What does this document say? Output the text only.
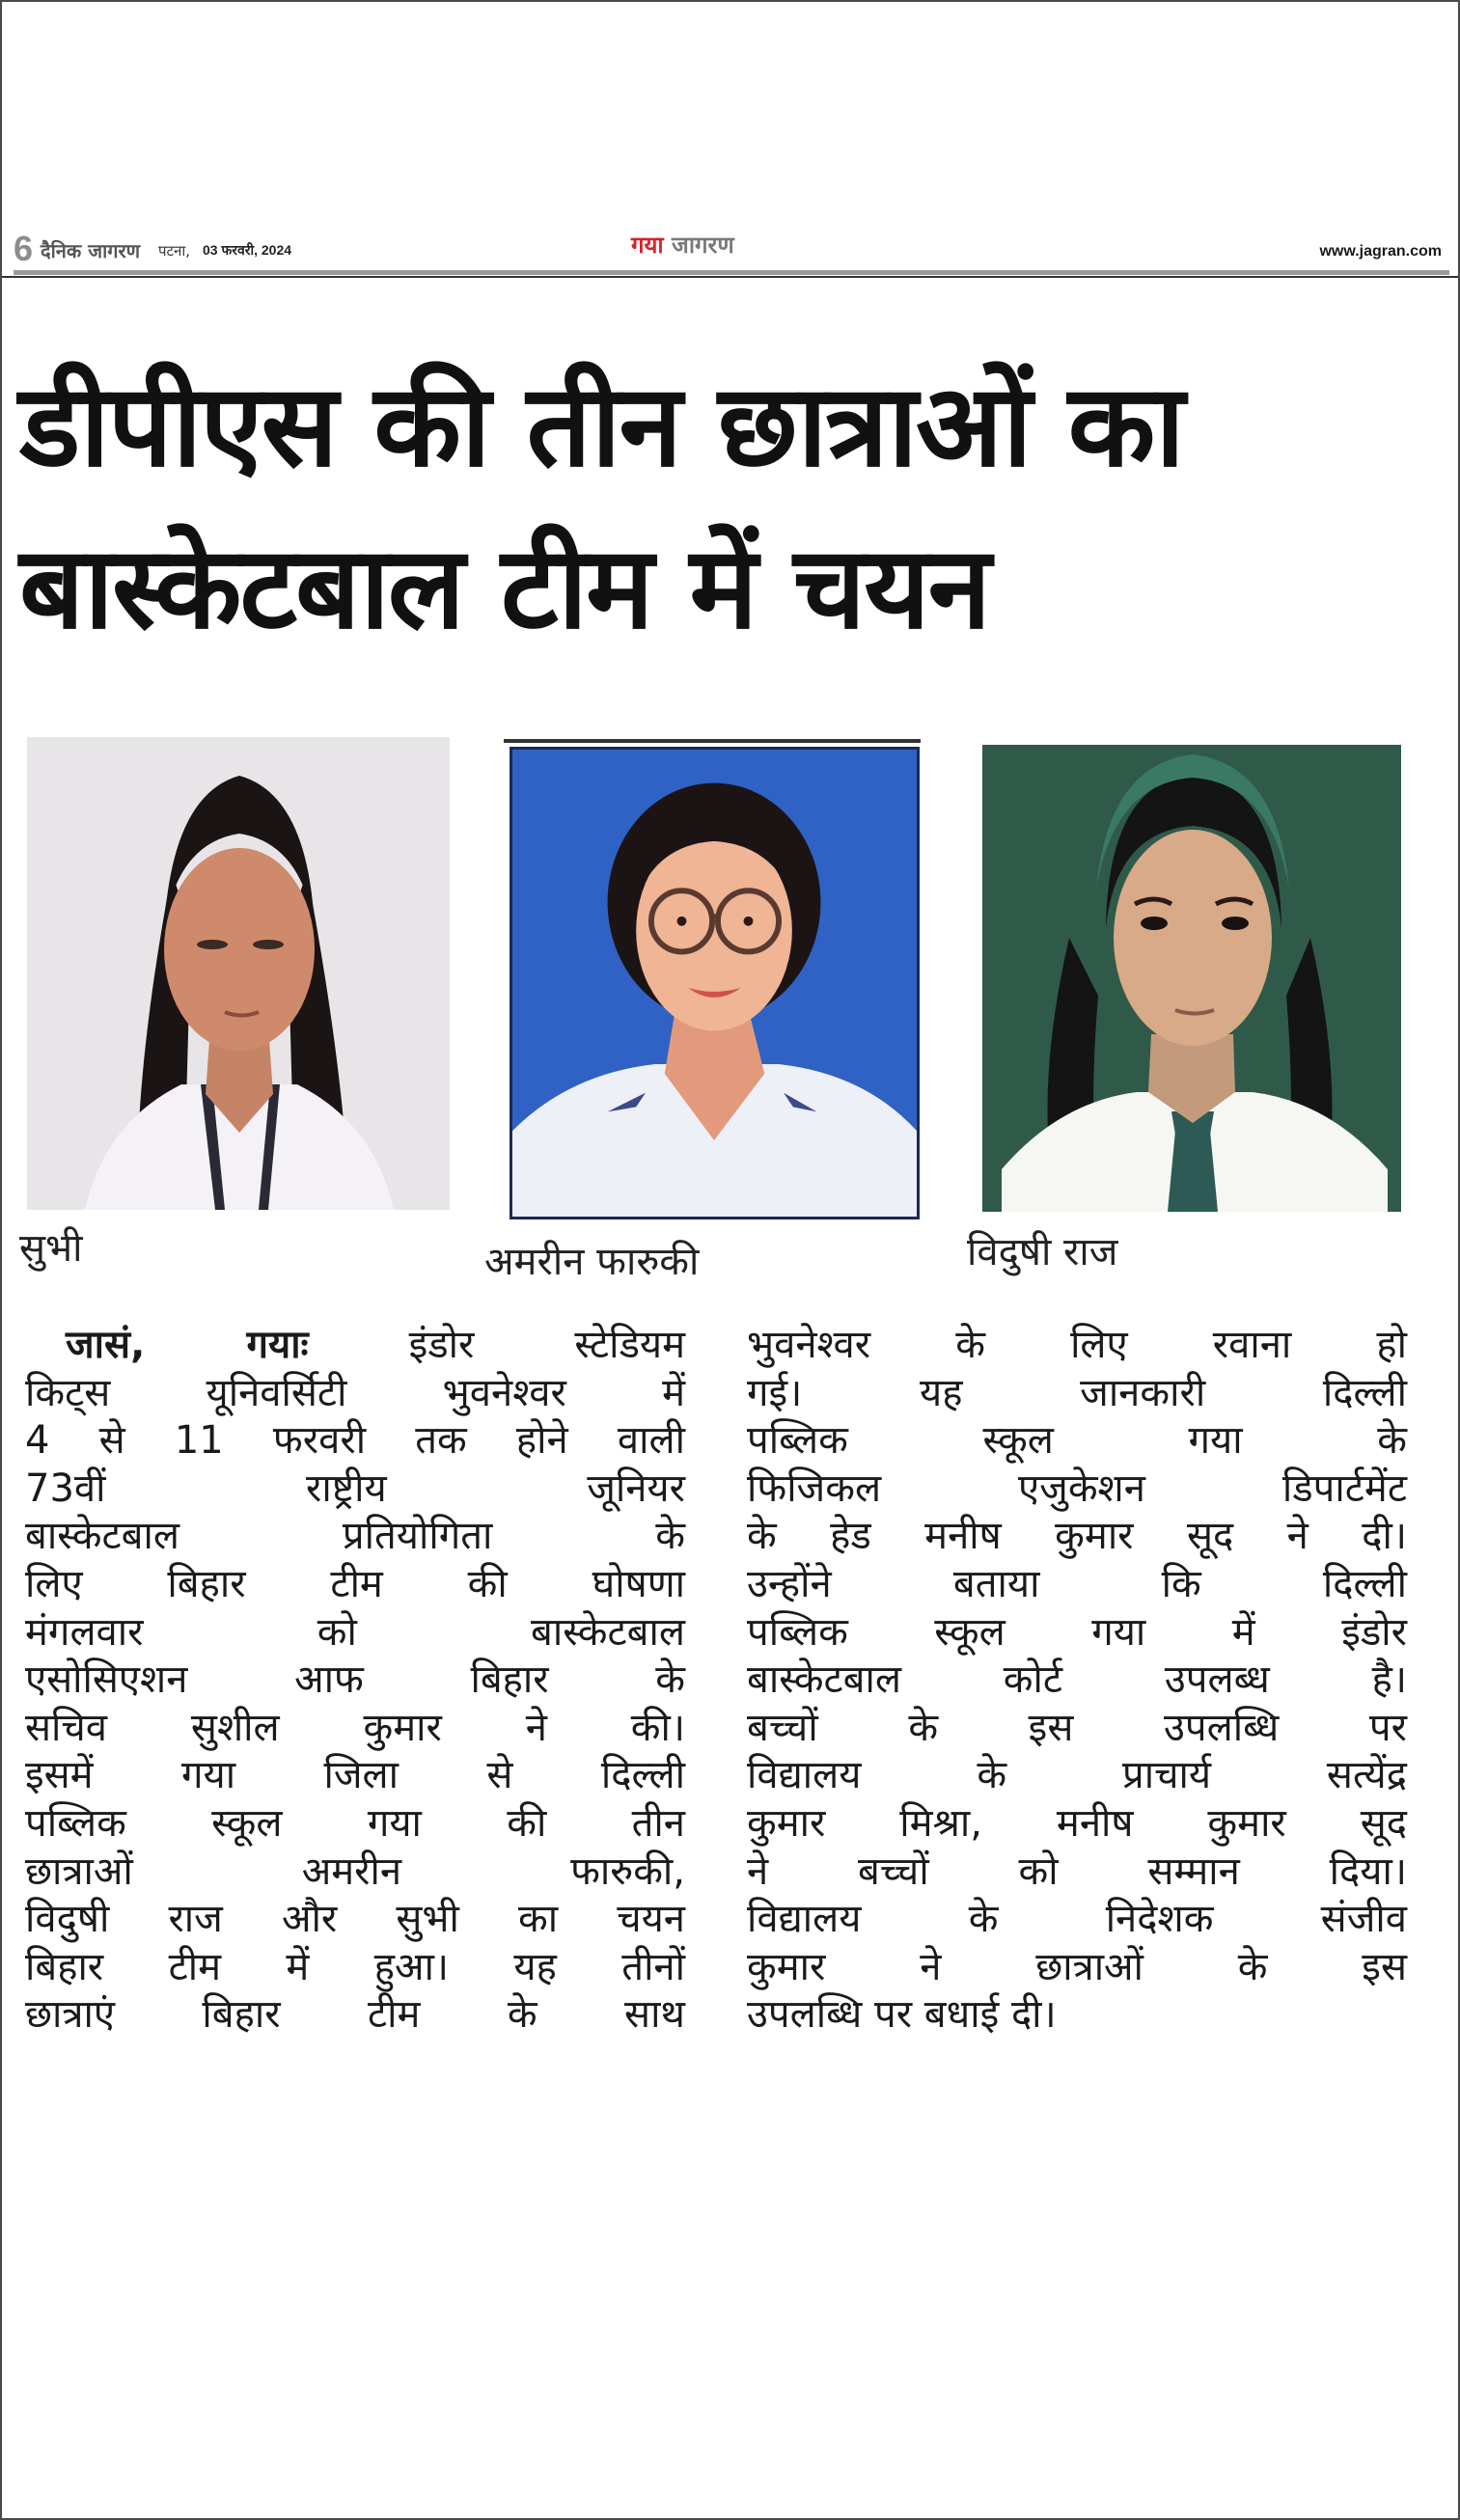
6 दैनिक जागरण पटना, 03 फरवरी, 2024	गया जागरण	www.jagran.com
डीपीएस की तीन छात्राओं का
बास्केटबाल टीम में चयन
सुभी	अमरीन फारुकी	विदुषी राज
जासं, गयाः	इंडोर स्टेडियम
किट्स यूनिवर्सिटी भुवनेश्वर में
4 से 11 फरवरी तक होने वाली
73वीं राष्ट्रीय जूनियर
बास्केटबाल प्रतियोगिता के
लिए बिहार टीम की घोषणा
मंगलवार को बास्केटबाल
एसोसिएशन आफ बिहार के
सचिव सुशील कुमार ने की।
इसमें गया जिला से दिल्ली
पब्लिक स्कूल गया की तीन
छात्राओं अमरीन फारुकी,
विदुषी राज और सुभी का चयन
बिहार टीम में हुआ। यह तीनों
छात्राएं बिहार टीम के साथ
भुवनेश्वर के लिए रवाना हो
गई। यह जानकारी दिल्ली
पब्लिक स्कूल गया के
फिजिकल एजुकेशन डिपार्टमेंट
के हेड मनीष कुमार सूद ने दी।
उन्होंने बताया कि दिल्ली
पब्लिक स्कूल गया में इंडोर
बास्केटबाल कोर्ट उपलब्ध है।
बच्चों के इस उपलब्धि पर
विद्यालय के प्राचार्य सत्येंद्र
कुमार मिश्रा, मनीष कुमार सूद
ने बच्चों को सम्मान दिया।
विद्यालय के निदेशक संजीव
कुमार ने छात्राओं के इस
उपलब्धि पर बधाई दी।
